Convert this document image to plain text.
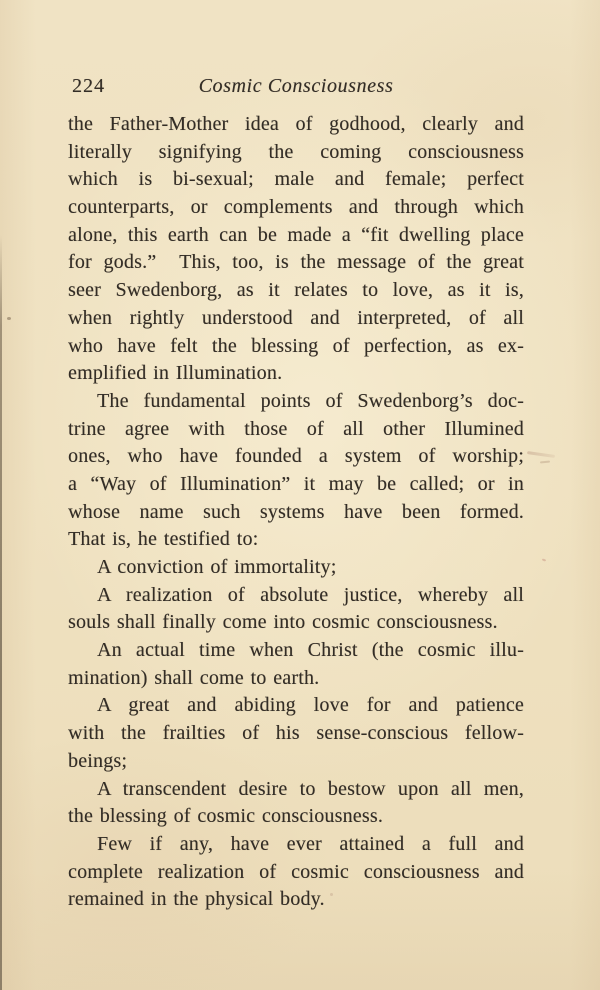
224	Cosmic Consciousness
the Father-Mother idea of godhood, clearly and
literally signifying the coming consciousness
which is bi-sexual; male and female; perfect
counterparts, or complements and through which
alone, this earth can be made a “fit dwelling place
for gods.”  This, too, is the message of the great
seer Swedenborg, as it relates to love, as it is,
when rightly understood and interpreted, of all
who have felt the blessing of perfection, as ex-
emplified in Illumination.
The fundamental points of Swedenborg’s doc-
trine agree with those of all other Illumined
ones, who have founded a system of worship;
a “Way of Illumination” it may be called; or in
whose name such systems have been formed.
That is, he testified to:
A conviction of immortality;
A realization of absolute justice, whereby all
souls shall finally come into cosmic consciousness.
An actual time when Christ (the cosmic illu-
mination) shall come to earth.
A great and abiding love for and patience
with the frailties of his sense-conscious fellow-
beings;
A transcendent desire to bestow upon all men,
the blessing of cosmic consciousness.
Few if any, have ever attained a full and
complete realization of cosmic consciousness and
remained in the physical body.
